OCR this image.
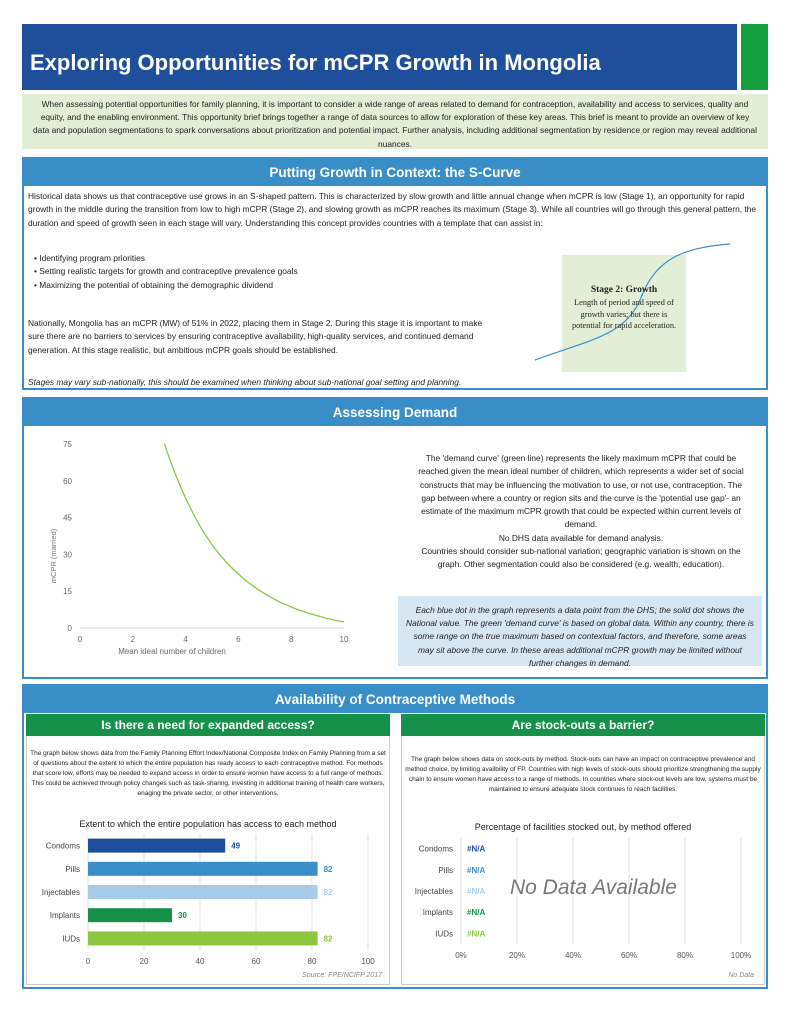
Exploring Opportunities for mCPR Growth in Mongolia
When assessing potential opportunities for family planning, it is important to consider a wide range of areas related to demand for contraception, availability and access to services, quality and equity, and the enabling environment. This opportunity brief brings together a range of data sources to allow for exploration of these key areas. This brief is meant to provide an overview of key data and population segmentations to spark conversations about prioritization and potential impact. Further analysis, including additional segmentation by residence or region may reveal additional nuances.
Putting Growth in Context: the S-Curve
Historical data shows us that contraceptive use grows in an S-shaped pattern. This is characterized by slow growth and little annual change when mCPR is low (Stage 1), an opportunity for rapid growth in the middle during the transition from low to high mCPR (Stage 2), and slowing growth as mCPR reaches its maximum (Stage 3). While all countries will go through this general pattern, the duration and speed of growth seen in each stage will vary. Understanding this concept provides countries with a template that can assist in:
• Identifying program priorities
• Setting realistic targets for growth and contraceptive prevalence goals
• Maximizing the potential of obtaining the demographic dividend
Nationally, Mongolia has an mCPR (MW) of 51% in 2022, placing them in Stage 2. During this stage it is important to make sure there are no barriers to services by ensuring contraceptive availability, high-quality services, and continued demand generation. At this stage realistic, but ambitious mCPR goals should be established.
Stages may vary sub-nationally, this should be examined when thinking about sub-national goal setting and planning.
Stage 2: Growth
Length of period and speed of growth varies; but there is potential for rapid acceleration.
Assessing Demand
0	2	4	6	8	10
0
15
30
45
60
75
Mean ideal number of children
mCPR (married)
The 'demand curve' (green line) represents the likely maximum mCPR that could be
reached given the mean ideal number of children, which represents a wider set of social
constructs that may be influencing the motivation to use, or not use, contraception. The
gap between where a country or region sits and the curve is the 'potential use gap'- an
estimate of the maximum mCPR growth that could be expected within current levels of
demand.
No DHS data available for demand analysis.
Countries should consider sub-national variation; geographic variation is shown on the
graph. Other segmentation could also be considered (e.g. wealth, education).
Each blue dot in the graph represents a data point from the DHS; the solid dot shows the National value. The green 'demand curve' is based on global data. Within any country, there is some range on the true maximum based on contextual factors, and therefore, some areas may sit above the curve. In these areas additional mCPR growth may be limited without further changes in demand.
Availability of Contraceptive Methods
Is there a need for expanded access?
The graph below shows data from the Family Planning Effort Index/National Composite Index on Family Planning from a set of questions about the extent to which the entire population has ready access to each contraceptive method. For methods that score low, efforts may be needed to expand access in order to ensure women have access to a full range of methods. This could be achieved through policy changes such as task-sharing, investing in additional training of health care workers, enaging the private sector, or other interventions.
Extent to which the entire population has access to each method
0	20	40	60	80	100
Condoms	49
Pills	82
Injectables	82
Implants	30
IUDs	82
Source: FPE/NCIFP 2017
Are stock-outs a barrier?
The graph below shows data on stock-outs by method. Stock-outs can have an impact on contraceptive prevalence and method choice, by limiting availbility of FP. Countries with high levels of stock-outs should prioritize strengthening the supply chain to ensure women have access to a range of methods. In countries where stock-out levels are low, systems must be maintained to ensure adequate stock continues to reach facilities.
Percentage of facilities stocked out, by method offered
0%	20%	40%	60%	80%	100%
Condoms #N/A
Pills #N/A
Injectables #N/A
Implants #N/A
IUDs #N/A
No Data Available
No Data
